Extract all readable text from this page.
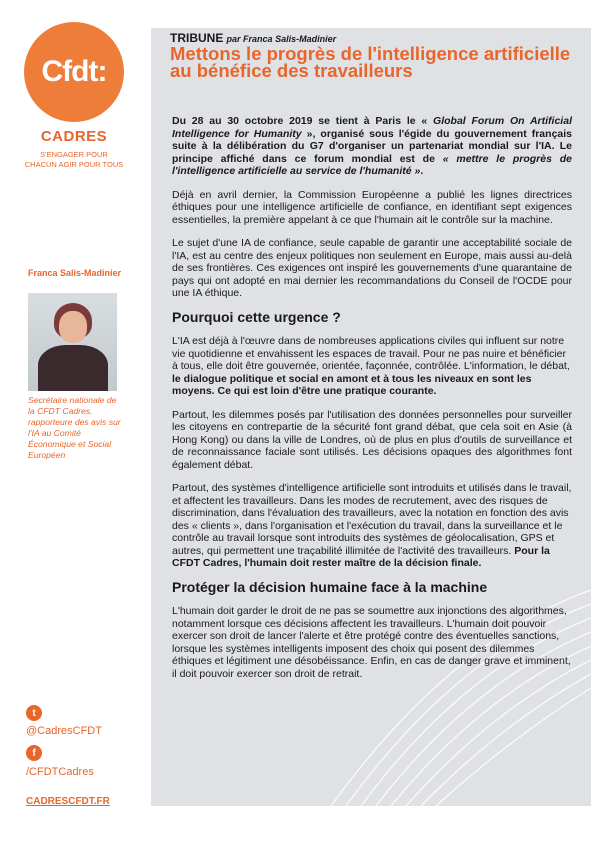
Cfdt:
CADRES
S'ENGAGER POUR CHACUN AGIR POUR TOUS
Franca Salis-Madinier
Secrétaire nationale de la CFDT Cadres, rapporteure des avis sur l'IA au Comité Économique et Social Européen
t
@CadresCFDT
f
/CFDTCadres
CADRESCFDT.FR
TRIBUNE par Franca Salis-Madinier
Mettons le progrès de l'intelligence artificielle au bénéfice des travailleurs

Du 28 au 30 octobre 2019 se tient à Paris le « Global Forum On Artificial Intelligence for Humanity », organisé sous l'égide du gouvernement français suite à la délibération du G7 d'organiser un partenariat mondial sur l'IA. Le principe affiché dans ce forum mondial est de « mettre le progrès de l'intelligence artificielle au service de l'humanité ».

Déjà en avril dernier, la Commission Européenne a publié les lignes directrices éthiques pour une intelligence artificielle de confiance, en identifiant sept exigences essentielles, la première appelant à ce que l'humain ait le contrôle sur la machine.

Le sujet d'une IA de confiance, seule capable de garantir une acceptabilité sociale de l'IA, est au centre des enjeux politiques non seulement en Europe, mais aussi au-delà de ses frontières. Ces exigences ont inspiré les gouvernements d'une quarantaine de pays qui ont adopté en mai dernier les recommandations du Conseil de l'OCDE pour une IA éthique.

Pourquoi cette urgence ?

L'IA est déjà à l'œuvre dans de nombreuses applications civiles qui influent sur notre vie quotidienne et envahissent les espaces de travail. Pour ne pas nuire et bénéficier à tous, elle doit être gouvernée, orientée, façonnée, contrôlée. L'information, le débat, le dialogue politique et social en amont et à tous les niveaux en sont les moyens. Ce qui est loin d'être une pratique courante.

Partout, les dilemmes posés par l'utilisation des données personnelles pour surveiller les citoyens en contrepartie de la sécurité font grand débat, que cela soit en Asie (à Hong Kong) ou dans la ville de Londres, où de plus en plus d'outils de surveillance et de reconnaissance faciale sont utilisés. Les décisions opaques des algorithmes font également débat.

Partout, des systèmes d'intelligence artificielle sont introduits et utilisés dans le travail, et affectent les travailleurs. Dans les modes de recrutement, avec des risques de discrimination, dans l'évaluation des travailleurs, avec la notation en fonction des avis des « clients », dans l'organisation et l'exécution du travail, dans la surveillance et le contrôle au travail lorsque sont introduits des systèmes de géolocalisation, GPS et autres, qui permettent une traçabilité illimitée de l'activité des travailleurs. Pour la CFDT Cadres, l'humain doit rester maître de la décision finale.

Protéger la décision humaine face à la machine

L'humain doit garder le droit de ne pas se soumettre aux injonctions des algorithmes, notamment lorsque ces décisions affectent les travailleurs. L'humain doit pouvoir exercer son droit de lancer l'alerte et être protégé contre des éventuelles sanctions, lorsque les systèmes intelligents imposent des choix qui posent des dilemmes éthiques et légitiment une désobéissance. Enfin, en cas de danger grave et imminent, il doit pouvoir exercer son droit de retrait.
